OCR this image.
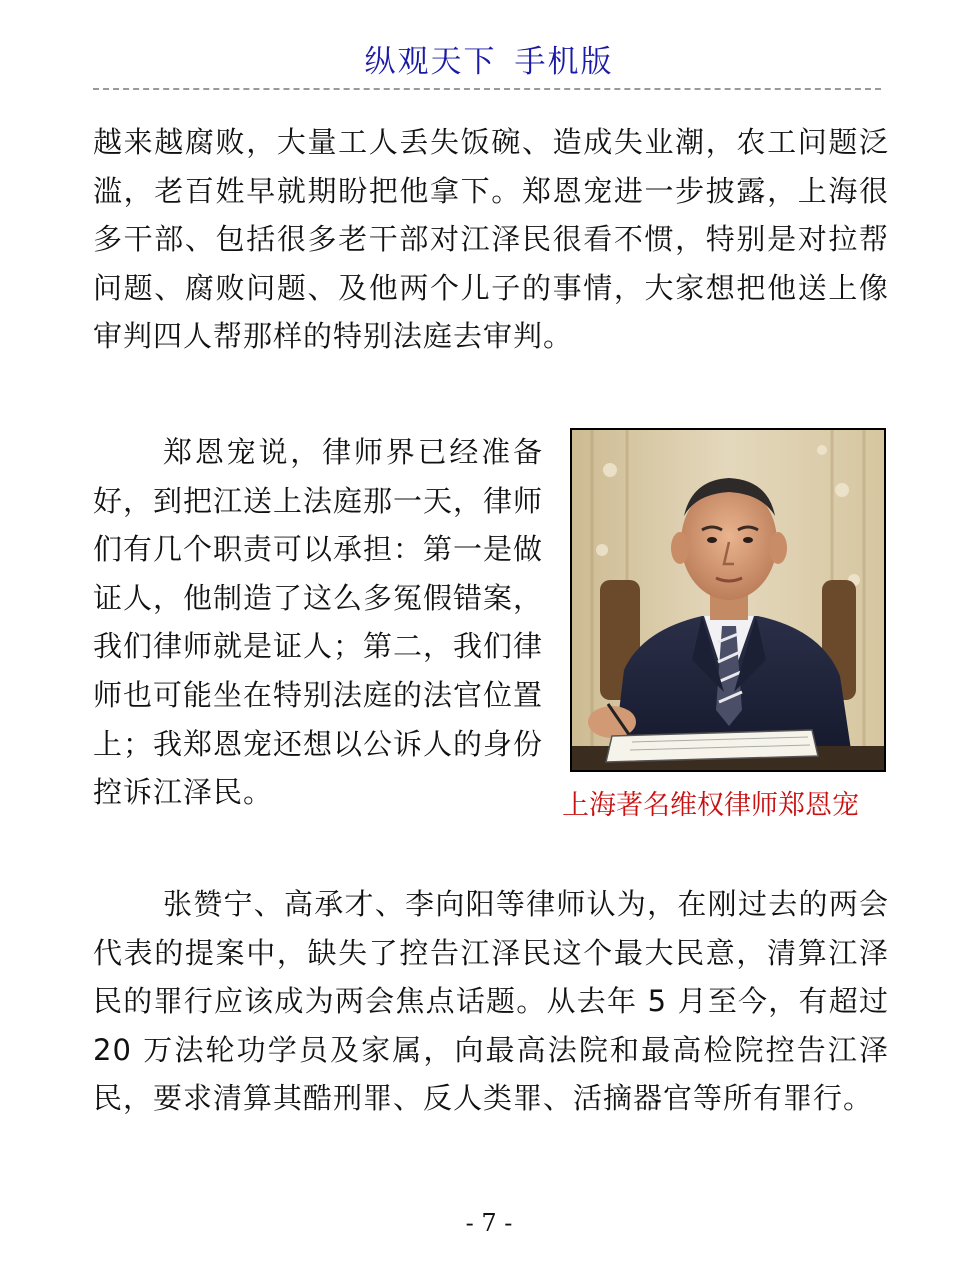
纵观天下 手机版

越来越腐败，大量工人丢失饭碗、造成失业潮，农工问题泛滥，老百姓早就期盼把他拿下。郑恩宠进一步披露，上海很多干部、包括很多老干部对江泽民很看不惯，特别是对拉帮问题、腐败问题、及他两个儿子的事情，大家想把他送上像审判四人帮那样的特别法庭去审判。

郑恩宠说，律师界已经准备好，到把江送上法庭那一天，律师们有几个职责可以承担：第一是做证人，他制造了这么多冤假错案，我们律师就是证人；第二，我们律师也可能坐在特别法庭的法官位置上；我郑恩宠还想以公诉人的身份控诉江泽民。	上海著名维权律师郑恩宠

张赞宁、高承才、李向阳等律师认为，在刚过去的两会代表的提案中，缺失了控告江泽民这个最大民意，清算江泽民的罪行应该成为两会焦点话题。从去年 5 月至今，有超过 20 万法轮功学员及家属，向最高法院和最高检院控告江泽民，要求清算其酷刑罪、反人类罪、活摘器官等所有罪行。

- 7 -
